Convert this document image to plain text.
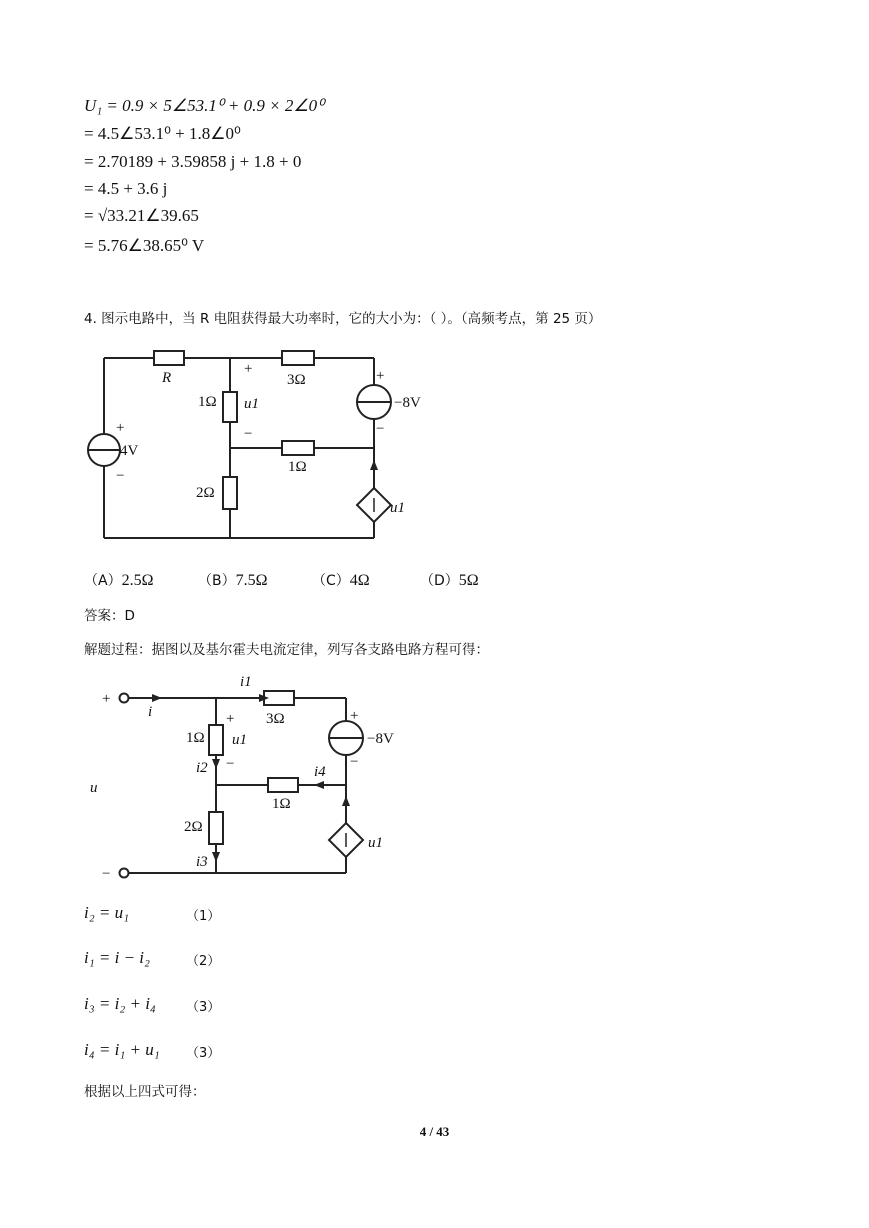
U₁ = 0.9 × 5∠53.1⁰ + 0.9 × 2∠0⁰
= 4.5∠53.1⁰ + 1.8∠0⁰
= 2.70189 + 3.59858 j + 1.8 + 0
= 4.5 + 3.6 j
= √33.21∠39.65
= 5.76∠38.65⁰ V
4. 图示电路中，当 R 电阻获得最大功率时，它的大小为：（ ）。（高频考点，第 25 页）
R	3Ω
1Ω u1
+
−
+
−
−8V
1Ω
2Ω
4V
+
−
u1
（A）2.5Ω	（B）7.5Ω	（C）4Ω	（D）5Ω
答案：D
解题过程：据图以及基尔霍夫电流定律，列写各支路电路方程可得：
+
−
i
i1
3Ω
+
1Ω u1
i2 −	i4
1Ω
2Ω
i3
u
+
−
−8V
u1
i₂ = u₁	（1）
i₁ = i − i₂	（2）
i₃ = i₂ + i₄ （3）
i₄ = i₁ + u₁ （3）
根据以上四式可得：
4 / 43
